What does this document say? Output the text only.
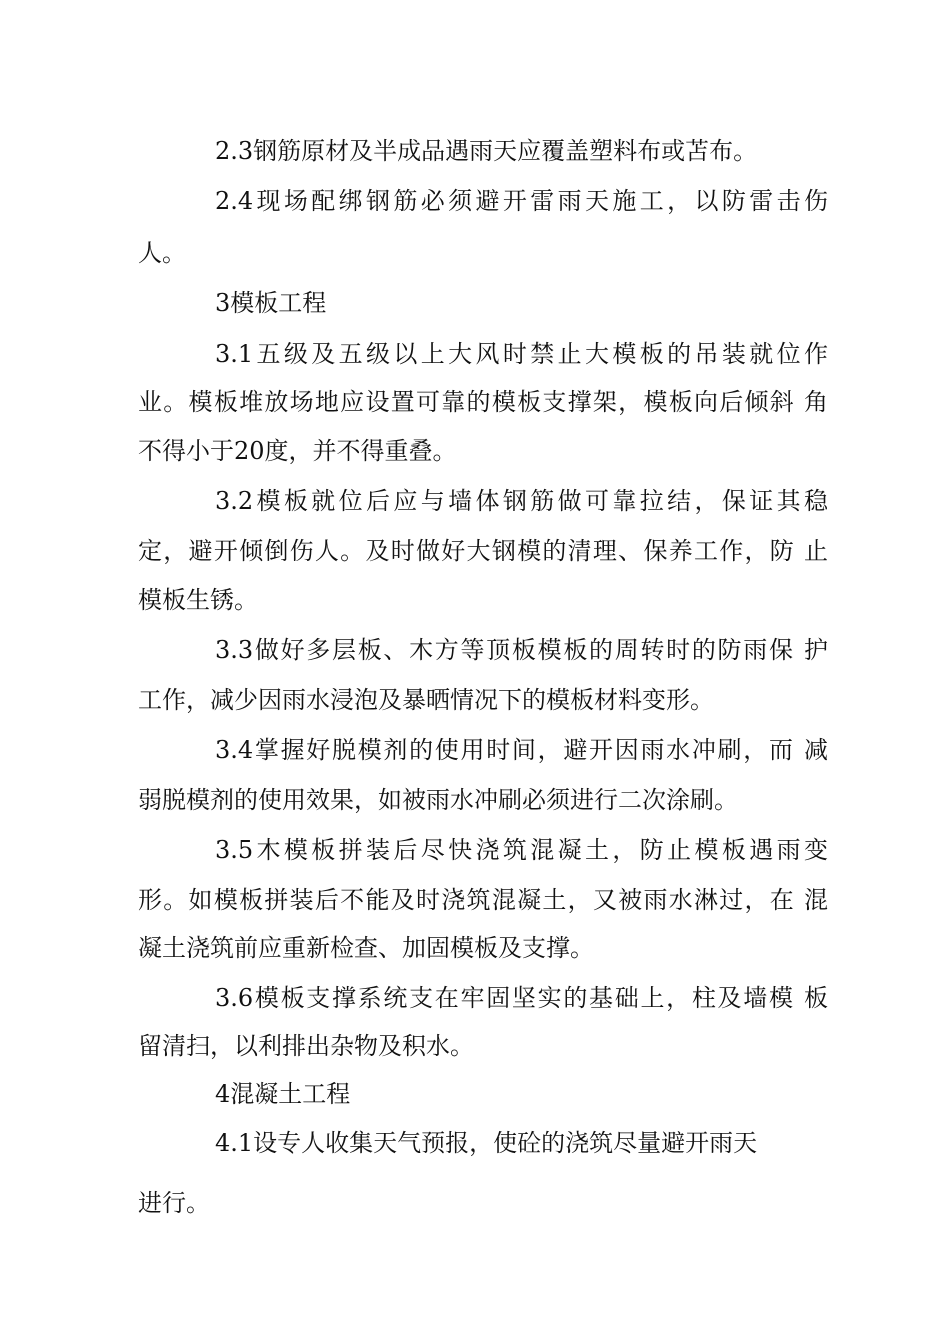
2.3钢筋原材及半成品遇雨天应覆盖塑料布或苫布。
2.4现场配绑钢筋必须避开雷雨天施工，以防雷击伤
人。
3模板工程
3.1五级及五级以上大风时禁止大模板的吊装就位作
业。模板堆放场地应设置可靠的模板支撑架，模板向后倾斜 角
不得小于20度，并不得重叠。
3.2模板就位后应与墙体钢筋做可靠拉结，保证其稳
定，避开倾倒伤人。及时做好大钢模的清理、保养工作，防 止
模板生锈。
3.3做好多层板、木方等顶板模板的周转时的防雨保 护
工作，减少因雨水浸泡及暴晒情况下的模板材料变形。
3.4掌握好脱模剂的使用时间，避开因雨水冲刷，而 减
弱脱模剂的使用效果，如被雨水冲刷必须进行二次涂刷。
3.5木模板拼装后尽快浇筑混凝土，防止模板遇雨变
形。如模板拼装后不能及时浇筑混凝土，又被雨水淋过，在 混
凝土浇筑前应重新检查、加固模板及支撑。
3.6模板支撑系统支在牢固坚实的基础上，柱及墙模 板
留清扫，以利排出杂物及积水。
4混凝土工程
4.1设专人收集天气预报，使砼的浇筑尽量避开雨天
进行。
